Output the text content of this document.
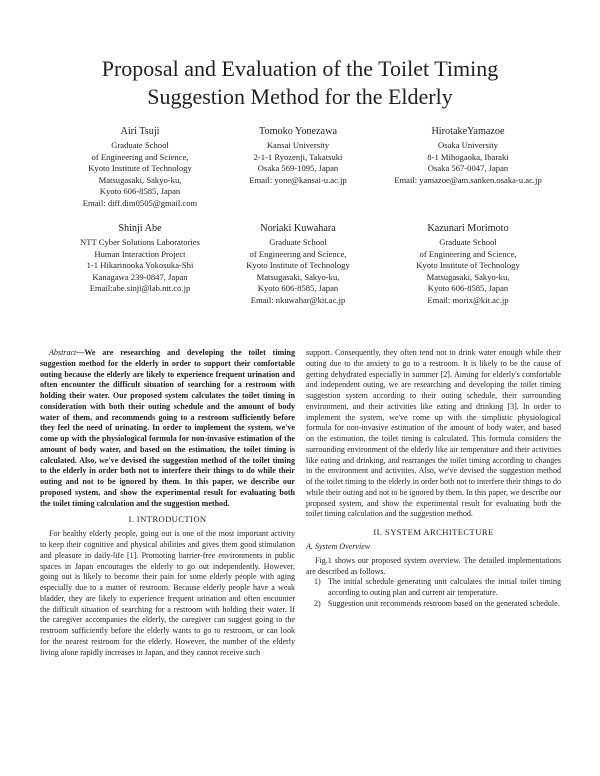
Proposal and Evaluation of the Toilet Timing
Suggestion Method for the Elderly
Airi Tsuji
Graduate School
of Engineering and Science,
Kyoto Institute of Technology
Matsugasaki, Sakyo-ku,
Kyoto 606-8585, Japan
Email: diff.dim0505@gmail.com
Tomoko Yonezawa
Kansai University
2-1-1 Ryozenji, Takatsuki
Osaka 569-1095, Japan
Email: yone@kansai-u.ac.jp
HirotakeYamazoe
Osaka University
8-1 Mihogaoka, Ibaraki
Osaka 567-0047, Japan
Email: yamazoe@am.sanken.osaka-u.ac.jp
Shinji Abe
NTT Cyber Solutions Laboratories
Human Interaction Project
1-1 Hikarinooka Yokosuka-Shi
Kanagawa 239-0847, Japan
Email:abe.sinji@lab.ntt.co.jp
Noriaki Kuwahara
Graduate School
of Engineering and Science,
Kyoto Institute of Technology
Matsugasaki, Sakyo-ku,
Kyoto 606-8585, Japan
Email: nkuwahar@kit.ac.jp
Kazunari Morimoto
Graduate School
of Engineering and Science,
Kyoto Institute of Technology
Matsugasaki, Sakyo-ku,
Kyoto 606-8585, Japan
Email: morix@kit.ac.jp

Abstract—We are researching and developing the toilet timing suggestion method for the elderly in order to support their comfortable outing because the elderly are likely to experience frequent urination and often encounter the difficult situation of searching for a restroom with holding their water. Our proposed system calculates the toilet timing in consideration with both their outing schedule and the amount of body water of them, and recommends going to a restroom sufficiently before they feel the need of urinating. In order to implement the system, we've come up with the physiological formula for non-invasive estimation of the amount of body water, and based on the estimation, the toilet timing is calculated. Also, we've devised the suggestion method of the toilet timing to the elderly in order both not to interfere their things to do while their outing and not to be ignored by them. In this paper, we describe our proposed system, and show the experimental result for evaluating both the toilet timing calculation and the suggestion method.

I. INTRODUCTION

For healthy elderly people, going out is one of the most important activity to keep their cognitive and physical abilities and gives them good stimulation and pleasure in daily-life [1]. Promoting barrier-free environments in public spaces in Japan encourages the elderly to go out independently. However, going out is likely to become their pain for some elderly people with aging especially due to a matter of restroom. Because elderly people have a weak bladder, they are likely to experience frequent urination and often encounter the difficult situation of searching for a restroom with holding their water. If the caregiver accompanies the elderly, the caregiver can suggest going to the restroom sufficiently before the elderly wants to go to restroom, or can look for the nearest restroom for the elderly. However, the number of the elderly living alone rapidly increases in Japan, and they cannot receive such

support. Consequently, they often tend not to drink water enough while their outing due to the anxiety to go to a restroom. It is likely to be the cause of getting dehydrated especially in summer [2]. Aiming for elderly's comfortable and independent outing, we are researching and developing the toilet timing suggestion system according to their outing schedule, their surrounding environment, and their activities like eating and drinking [3]. In order to implement the system, we've come up with the simplistic physiological formula for non-invasive estimation of the amount of body water, and based on the estimation, the toilet timing is calculated. This formula considers the surrounding environment of the elderly like air temperature and their activities like eating and drinking, and rearranges the toilet timing according to changes in the environment and activities. Also, we've devised the suggestion method of the toilet timing to the elderly in order both not to interfere their things to do while their outing and not to be ignored by them. In this paper, we describe our proposed system, and show the experimental result for evaluating both the toilet timing calculation and the suggestion method.

II. SYSTEM ARCHITECTURE
A. System Overview

Fig.1 shows our proposed system overview. The detailed implementations are described as follows.

1) The initial schedule generating unit calculates the initial toilet timing according to outing plan and current air temperature.
2) Suggestion unit recommends restroom based on the generated schedule.
